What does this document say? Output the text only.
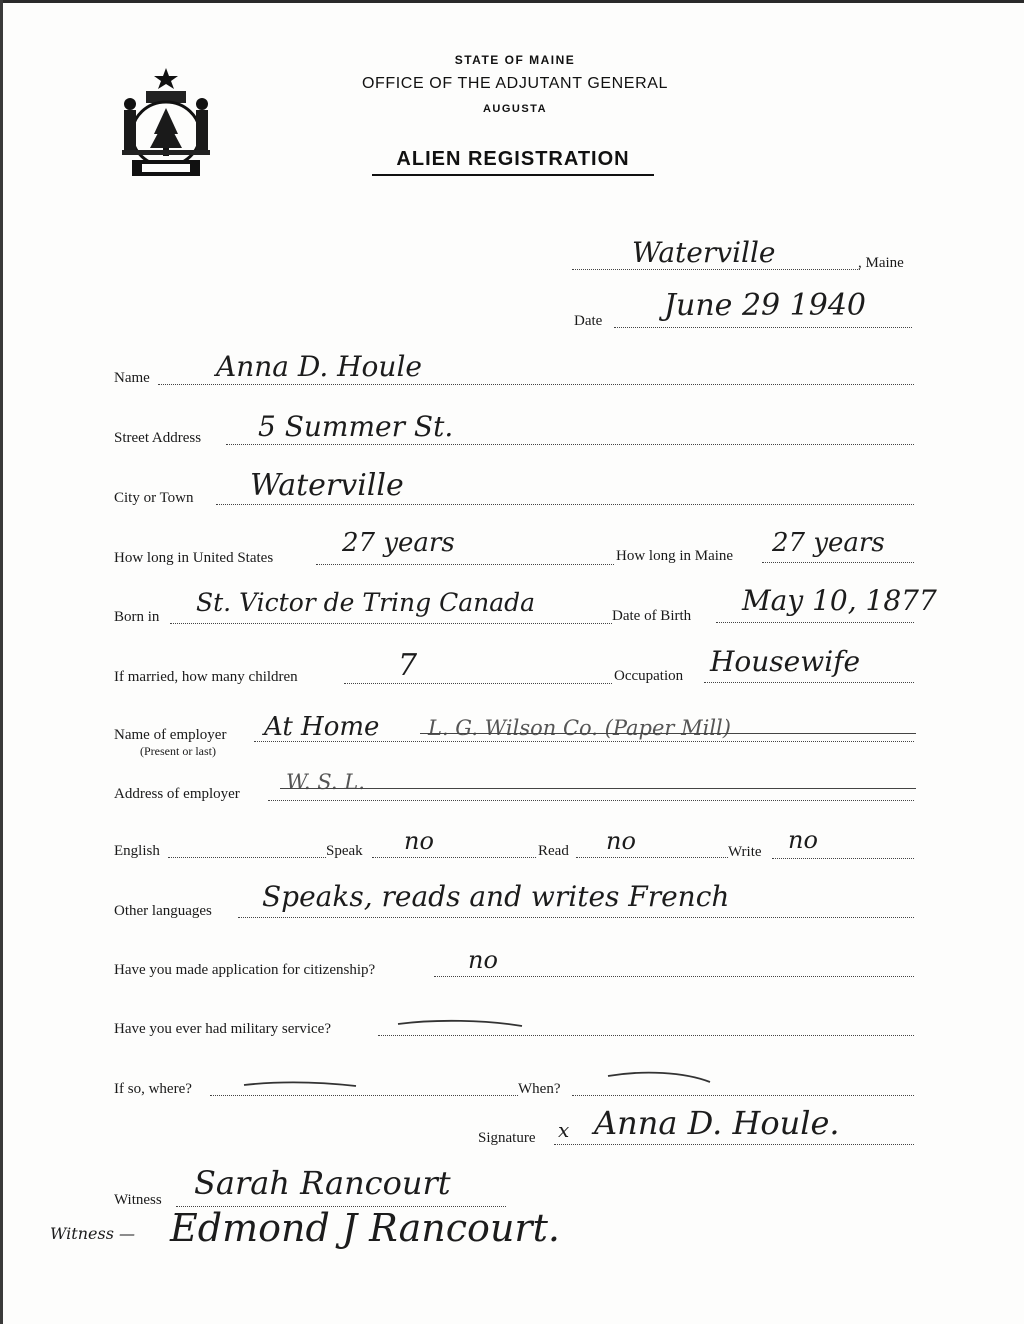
STATE OF MAINE
OFFICE OF THE ADJUTANT GENERAL
AUGUSTA
ALIEN REGISTRATION
Waterville	, Maine
Date June 29 1940
Name Anna D. Houle
Street Address 5 Summer St.
City or Town Waterville
How long in United States	27 years	How long in Maine 27 years
Born in St. Victor de Tring Canada	Date of Birth May 10, 1877
If married, how many children	7	Occupation Housewife
Name of employer
(Present or last)
At Home L. G. Wilson Co. (Paper Mill)
Address of employer W. S. L.
English	Speak no	Read no	Write no
Other languages Speaks, reads and writes French
Have you made application for citizenship?	no
Have you ever had military service?
If so, where?	When?
Signature x Anna D. Houle.
Witness Sarah Rancourt
Witness — Edmond J Rancourt.
